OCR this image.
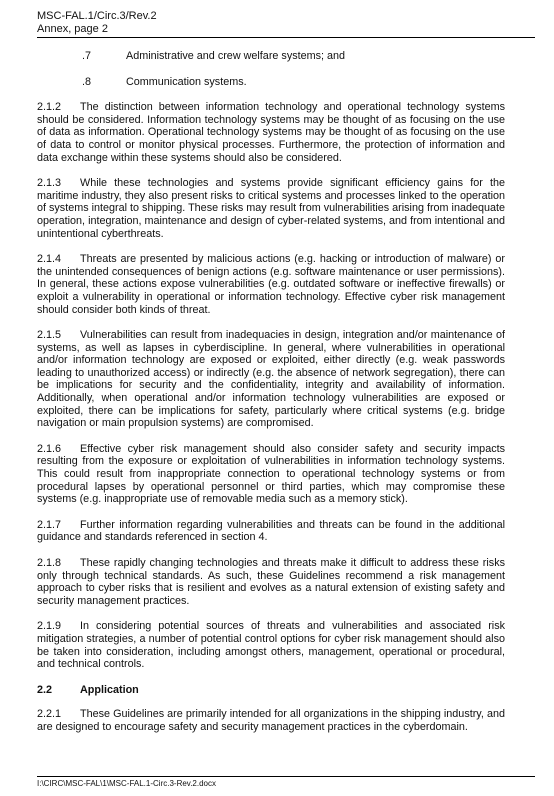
MSC-FAL.1/Circ.3/Rev.2
Annex, page 2
.7	Administrative and crew welfare systems; and
.8	Communication systems.

2.1.2 The distinction between information technology and operational technology systems should be considered. Information technology systems may be thought of as focusing on the use of data as information. Operational technology systems may be thought of as focusing on the use of data to control or monitor physical processes. Furthermore, the protection of information and data exchange within these systems should also be considered.

2.1.3 While these technologies and systems provide significant efficiency gains for the maritime industry, they also present risks to critical systems and processes linked to the operation of systems integral to shipping. These risks may result from vulnerabilities arising from inadequate operation, integration, maintenance and design of cyber-related systems, and from intentional and unintentional cyberthreats.

2.1.4 Threats are presented by malicious actions (e.g. hacking or introduction of malware) or the unintended consequences of benign actions (e.g. software maintenance or user permissions). In general, these actions expose vulnerabilities (e.g. outdated software or ineffective firewalls) or exploit a vulnerability in operational or information technology. Effective cyber risk management should consider both kinds of threat.

2.1.5 Vulnerabilities can result from inadequacies in design, integration and/or maintenance of systems, as well as lapses in cyberdiscipline. In general, where vulnerabilities in operational and/or information technology are exposed or exploited, either directly (e.g. weak passwords leading to unauthorized access) or indirectly (e.g. the absence of network segregation), there can be implications for security and the confidentiality, integrity and availability of information. Additionally, when operational and/or information technology vulnerabilities are exposed or exploited, there can be implications for safety, particularly where critical systems (e.g. bridge navigation or main propulsion systems) are compromised.

2.1.6 Effective cyber risk management should also consider safety and security impacts resulting from the exposure or exploitation of vulnerabilities in information technology systems. This could result from inappropriate connection to operational technology systems or from procedural lapses by operational personnel or third parties, which may compromise these systems (e.g. inappropriate use of removable media such as a memory stick).

2.1.7 Further information regarding vulnerabilities and threats can be found in the additional guidance and standards referenced in section 4.

2.1.8 These rapidly changing technologies and threats make it difficult to address these risks only through technical standards. As such, these Guidelines recommend a risk management approach to cyber risks that is resilient and evolves as a natural extension of existing safety and security management practices.

2.1.9 In considering potential sources of threats and vulnerabilities and associated risk mitigation strategies, a number of potential control options for cyber risk management should also be taken into consideration, including amongst others, management, operational or procedural, and technical controls.

2.2	Application

2.2.1 These Guidelines are primarily intended for all organizations in the shipping industry, and are designed to encourage safety and security management practices in the cyberdomain.

I:\CIRC\MSC-FAL\1\MSC-FAL.1-Circ.3-Rev.2.docx
